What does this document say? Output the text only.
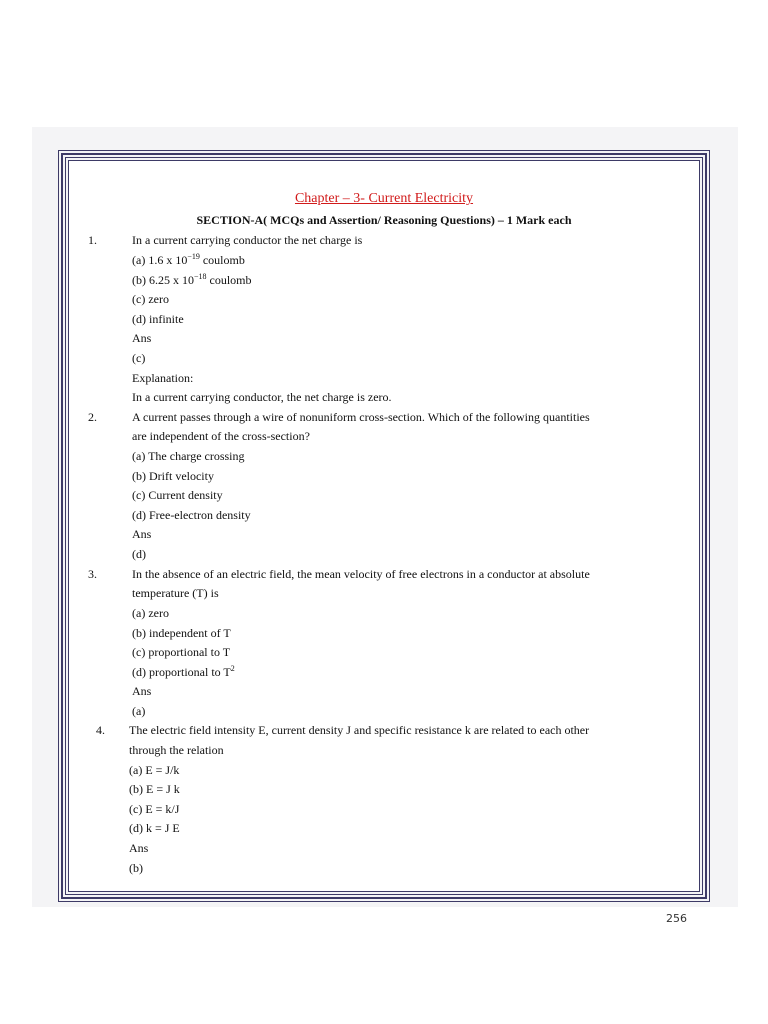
Chapter – 3- Current Electricity
SECTION-A( MCQs and Assertion/ Reasoning Questions) – 1 Mark each
1.	In a current carrying conductor the net charge is
(a) 1.6 x $10^{-19}$ coulomb
(b) 6.25 x $10^{-18}$ coulomb
(c) zero
(d) infinite
Ans
(c)
Explanation:
In a current carrying conductor, the net charge is zero.
2.	A current passes through a wire of nonuniform cross-section. Which of the following quantities
are independent of the cross-section?
(a) The charge crossing
(b) Drift velocity
(c) Current density
(d) Free-electron density
Ans
(d)
3.	In the absence of an electric field, the mean velocity of free electrons in a conductor at absolute
temperature (T) is
(a) zero
(b) independent of T
(c) proportional to T
(d) proportional to $T^2$
Ans
(a)
4. The electric field intensity E, current density J and specific resistance k are related to each other
through the relation
(a) E = J/k
(b) E = J k
(c) E = k/J
(d) k = J E
Ans
(b)
256
